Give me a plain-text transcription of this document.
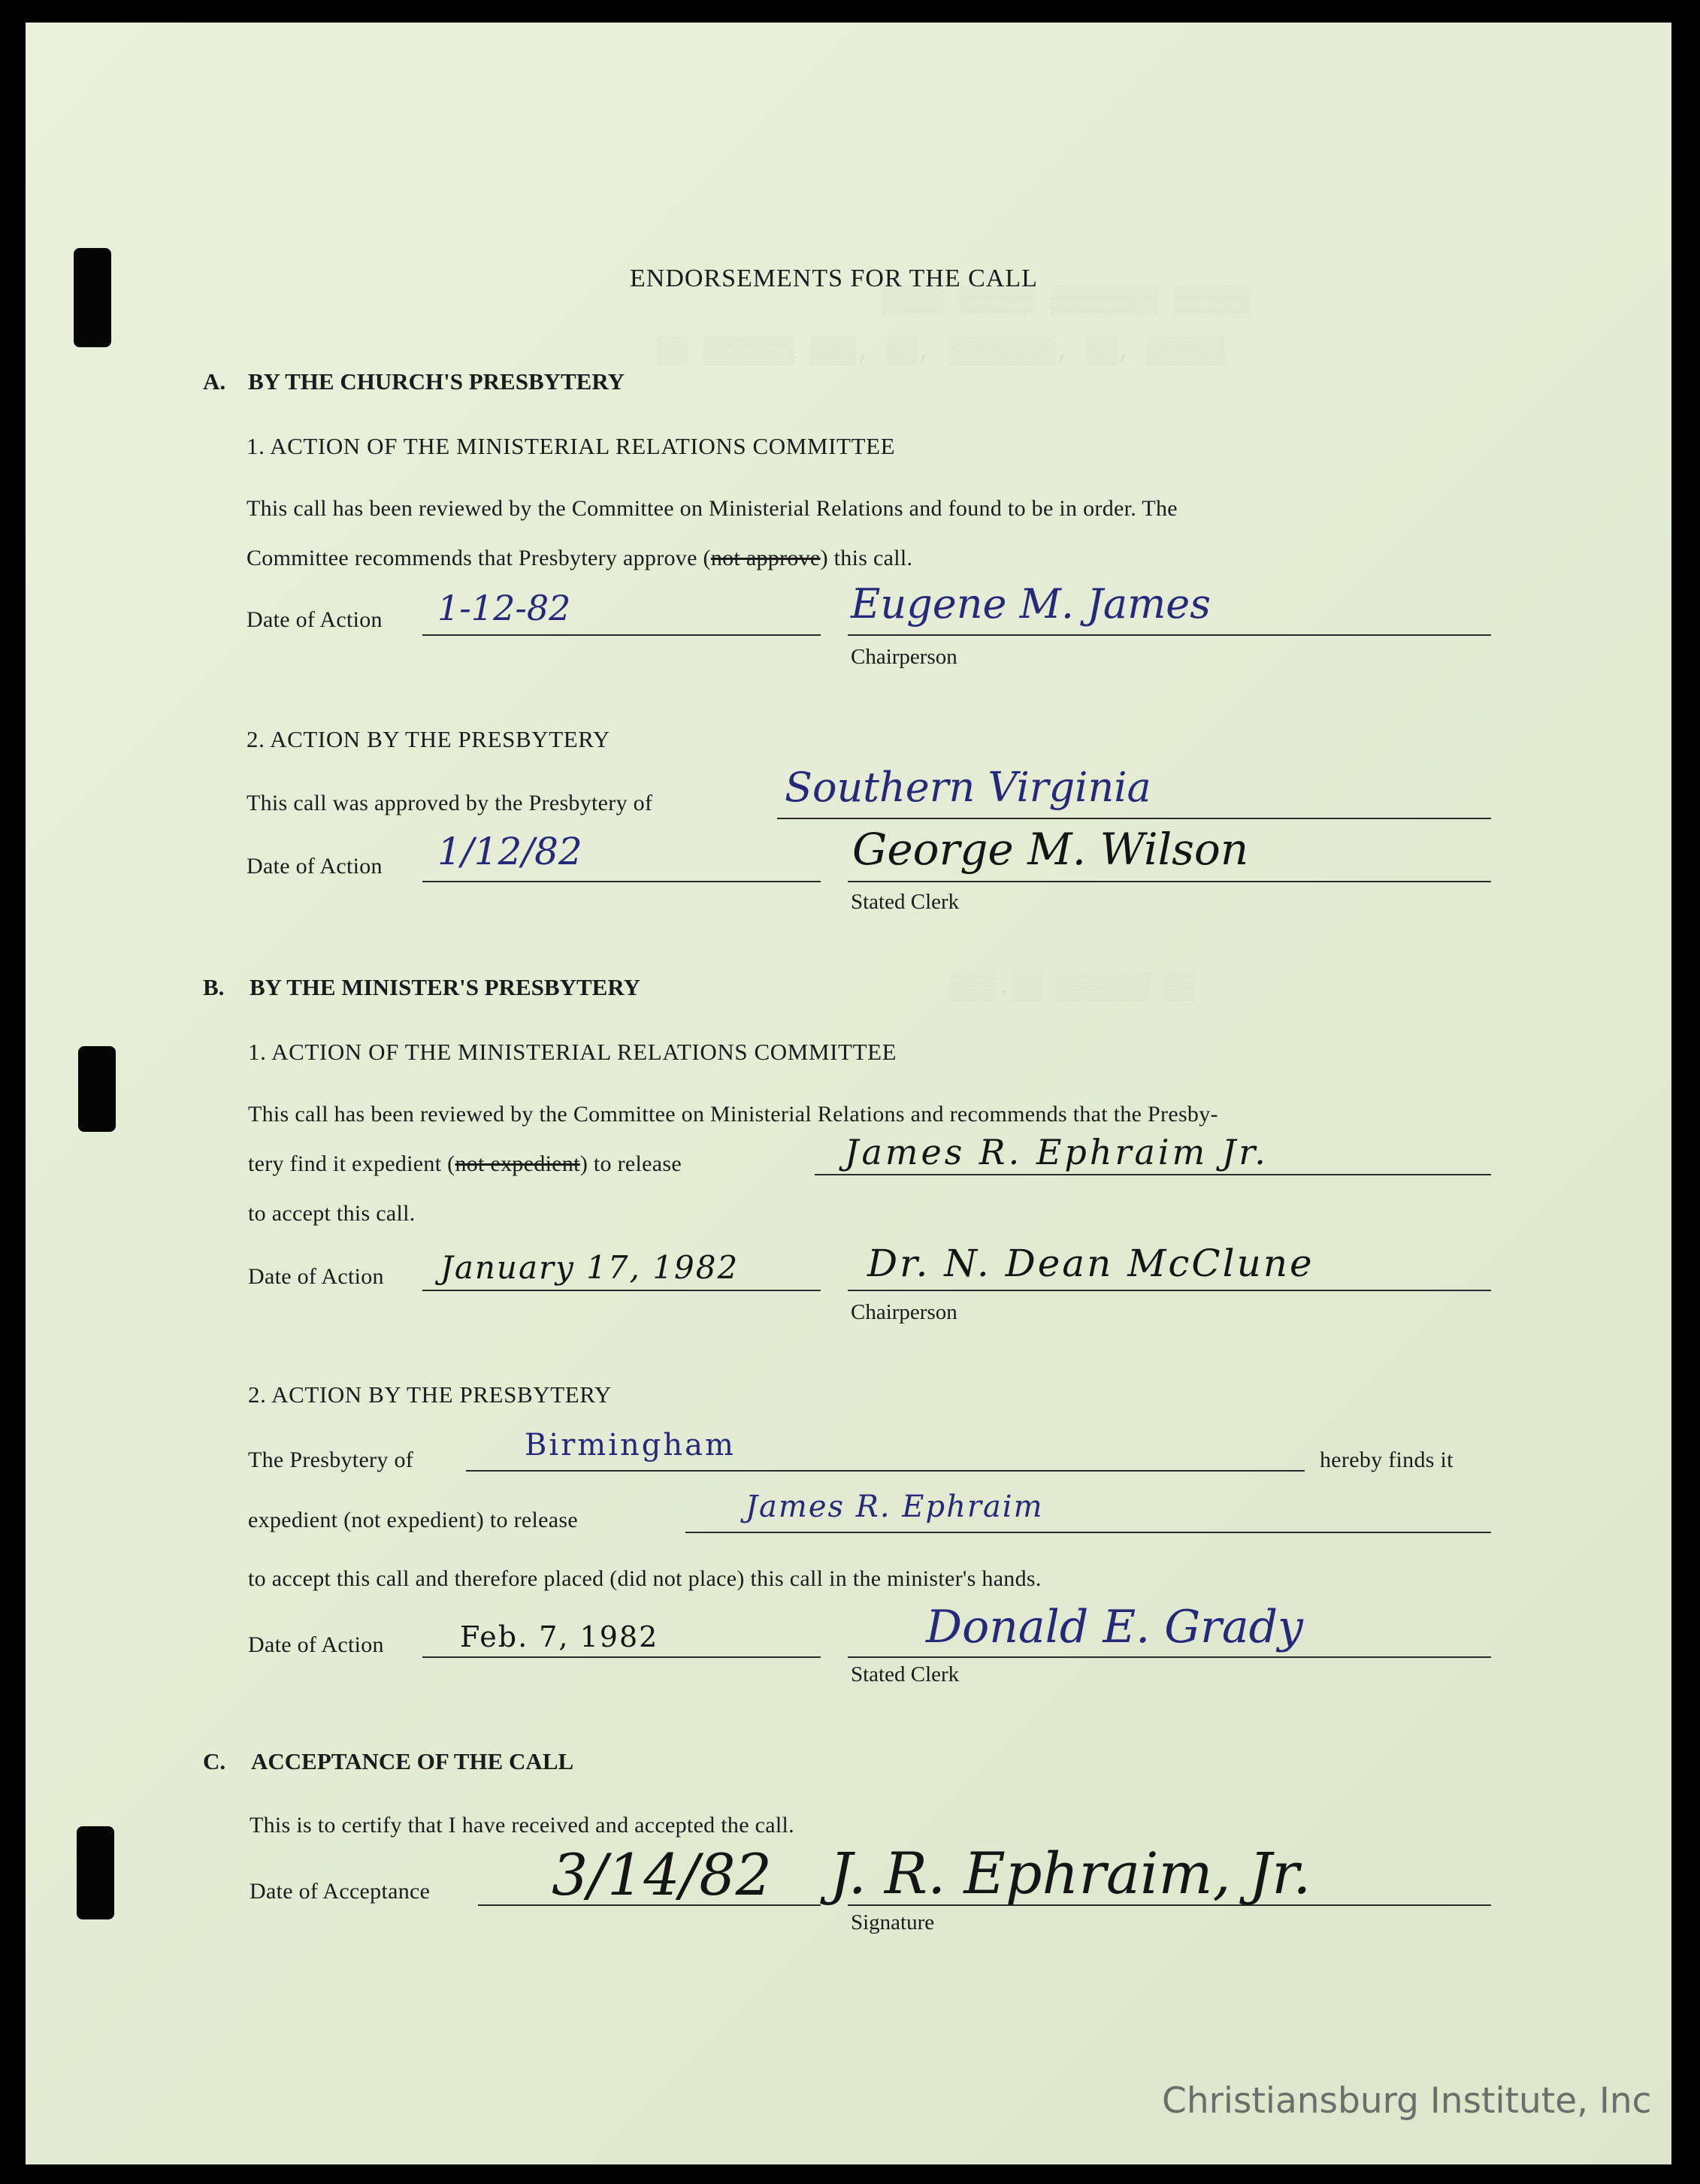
▒▒▒▒ ▒▒▒▒▒ ▒▒▒▒▒▒▒ ▒▒▒▒▒
▒▒ ▒▒▒▒▒▒ ▒▒▒, ▒▒, ▒▒▒▒▒▒▒, ▒▒, ▒▒▒▒▒
▒▒▒.▒▒ ▒▒▒▒▒▒ ▒▒
ENDORSEMENTS FOR THE CALL
A. BY THE CHURCH'S PRESBYTERY
1. ACTION OF THE MINISTERIAL RELATIONS COMMITTEE
This call has been reviewed by the Committee on Ministerial Relations and found to be in order. The
Committee recommends that Presbytery approve (not approve) this call.
Date of Action 1-12-82	Eugene M. James
Chairperson
2. ACTION BY THE PRESBYTERY
This call was approved by the Presbytery of	Southern Virginia
Date of Action 1/12/82	George M. Wilson
Stated Clerk
B. BY THE MINISTER'S PRESBYTERY
1. ACTION OF THE MINISTERIAL RELATIONS COMMITTEE
This call has been reviewed by the Committee on Ministerial Relations and recommends that the Presby-
tery find it expedient (not expedient) to release	James R. Ephraim Jr.
to accept this call.
Date of Action January 17, 1982	Dr. N. Dean McClune
Chairperson
2. ACTION BY THE PRESBYTERY
The Presbytery of	Birmingham	hereby finds it
expedient (not expedient) to release	James R. Ephraim
to accept this call and therefore placed (did not place) this call in the minister's hands.
Date of Action	Feb. 7, 1982	Donald E. Grady
Stated Clerk
C. ACCEPTANCE OF THE CALL
This is to certify that I have received and accepted the call.
Date of Acceptance 3/14/82 J. R. Ephraim, Jr.
Signature
Christiansburg Institute, Inc
